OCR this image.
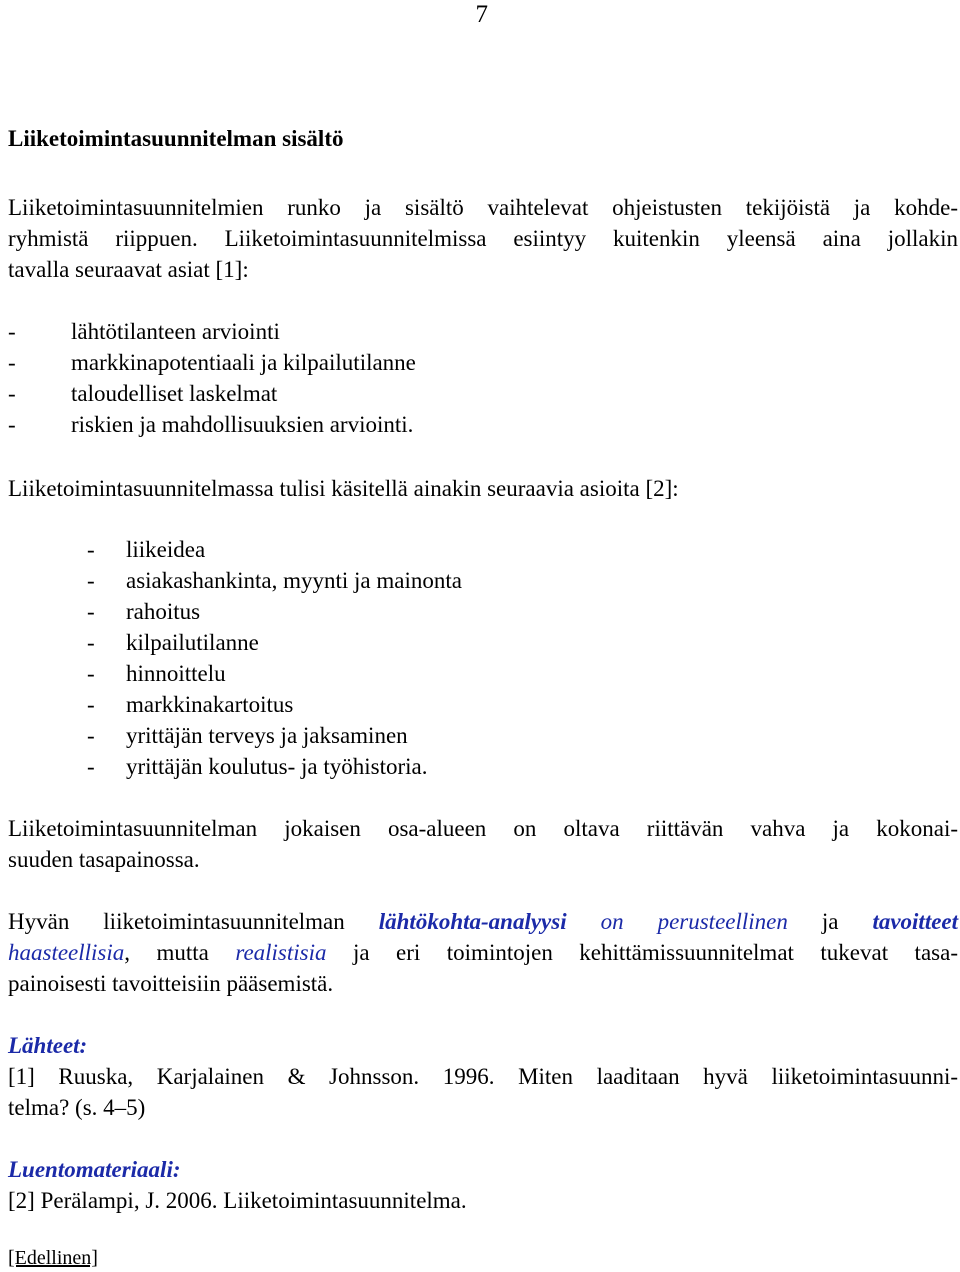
7
Liiketoimintasuunnitelman sisältö
Liiketoimintasuunnitelmien runko ja sisältö vaihtelevat ohjeistusten tekijöistä ja kohde-
ryhmistä riippuen. Liiketoimintasuunnitelmissa esiintyy kuitenkin yleensä aina jollakin
tavalla seuraavat asiat [1]:
- lähtötilanteen arviointi
- markkinapotentiaali ja kilpailutilanne
- taloudelliset laskelmat
- riskien ja mahdollisuuksien arviointi.
Liiketoimintasuunnitelmassa tulisi käsitellä ainakin seuraavia asioita [2]:
- liikeidea
- asiakashankinta, myynti ja mainonta
- rahoitus
- kilpailutilanne
- hinnoittelu
- markkinakartoitus
- yrittäjän terveys ja jaksaminen
- yrittäjän koulutus- ja työhistoria.
Liiketoimintasuunnitelman jokaisen osa-alueen on oltava riittävän vahva ja kokonai-
suuden tasapainossa.
Hyvän liiketoimintasuunnitelman lähtökohta-analyysi on perusteellinen ja tavoitteet
haasteellisia, mutta realistisia ja eri toimintojen kehittämissuunnitelmat tukevat tasa-
painoisesti tavoitteisiin pääsemistä.
Lähteet:
[1] Ruuska, Karjalainen & Johnsson. 1996. Miten laaditaan hyvä liiketoimintasuunni-
telma? (s. 4–5)
Luentomateriaali:
[2] Perälampi, J. 2006. Liiketoimintasuunnitelma.
[Edellinen]
